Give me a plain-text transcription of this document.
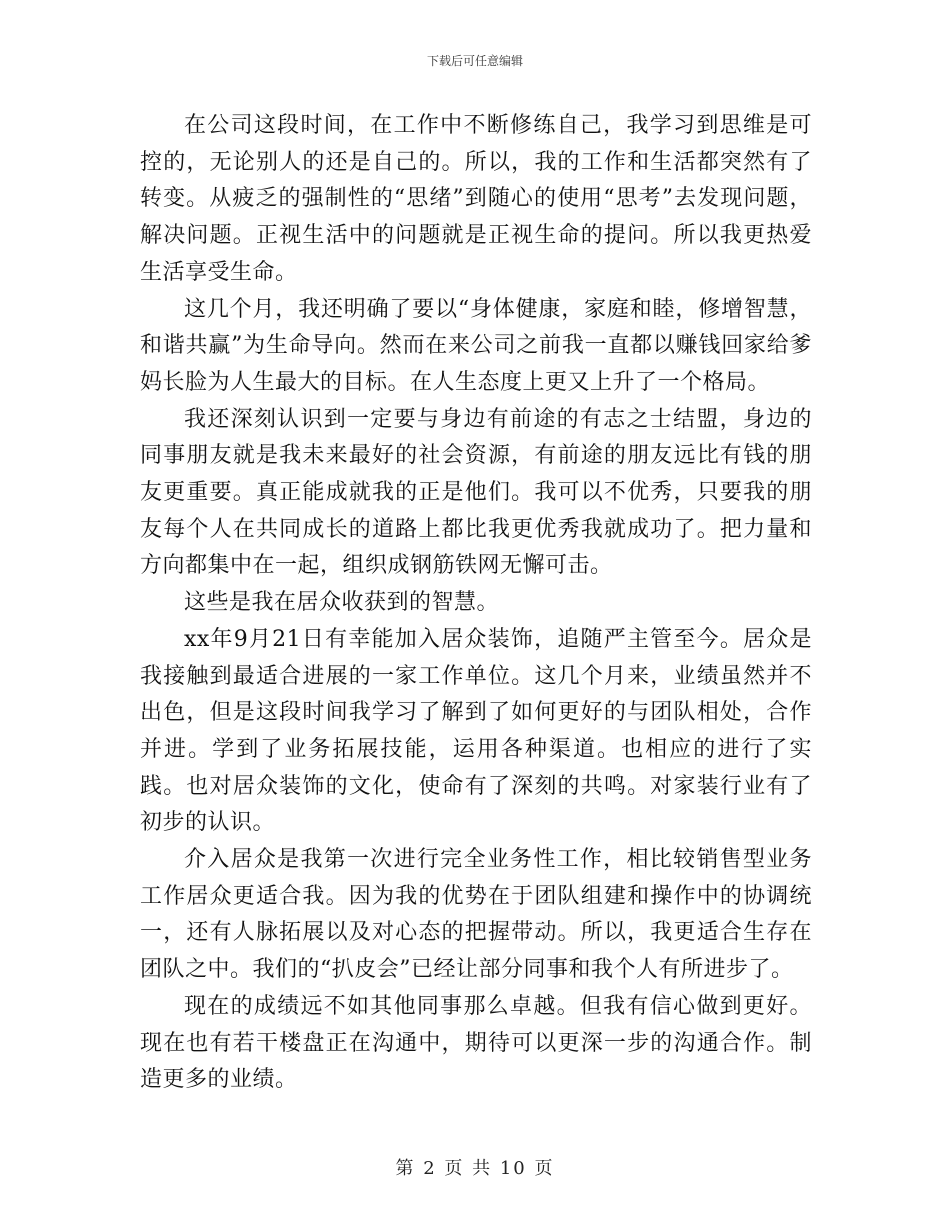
下载后可任意编辑

在公司这段时间，在工作中不断修练自己，我学习到思维是可控的，无论别人的还是自己的。所以，我的工作和生活都突然有了转变。从疲乏的强制性的“思绪”到随心的使用“思考”去发现问题，解决问题。正视生活中的问题就是正视生命的提问。所以我更热爱生活享受生命。

这几个月，我还明确了要以“身体健康，家庭和睦，修增智慧，和谐共赢”为生命导向。然而在来公司之前我一直都以赚钱回家给爹妈长脸为人生最大的目标。在人生态度上更又上升了一个格局。

我还深刻认识到一定要与身边有前途的有志之士结盟，身边的同事朋友就是我未来最好的社会资源，有前途的朋友远比有钱的朋友更重要。真正能成就我的正是他们。我可以不优秀，只要我的朋友每个人在共同成长的道路上都比我更优秀我就成功了。把力量和方向都集中在一起，组织成钢筋铁网无懈可击。

这些是我在居众收获到的智慧。

xx年9月21日有幸能加入居众装饰，追随严主管至今。居众是我接触到最适合进展的一家工作单位。这几个月来，业绩虽然并不出色，但是这段时间我学习了解到了如何更好的与团队相处，合作并进。学到了业务拓展技能，运用各种渠道。也相应的进行了实践。也对居众装饰的文化，使命有了深刻的共鸣。对家装行业有了初步的认识。

介入居众是我第一次进行完全业务性工作，相比较销售型业务工作居众更适合我。因为我的优势在于团队组建和操作中的协调统一，还有人脉拓展以及对心态的把握带动。所以，我更适合生存在团队之中。我们的“扒皮会”已经让部分同事和我个人有所进步了。

现在的成绩远不如其他同事那么卓越。但我有信心做到更好。现在也有若干楼盘正在沟通中，期待可以更深一步的沟通合作。制造更多的业绩。

第 2 页 共 10 页
